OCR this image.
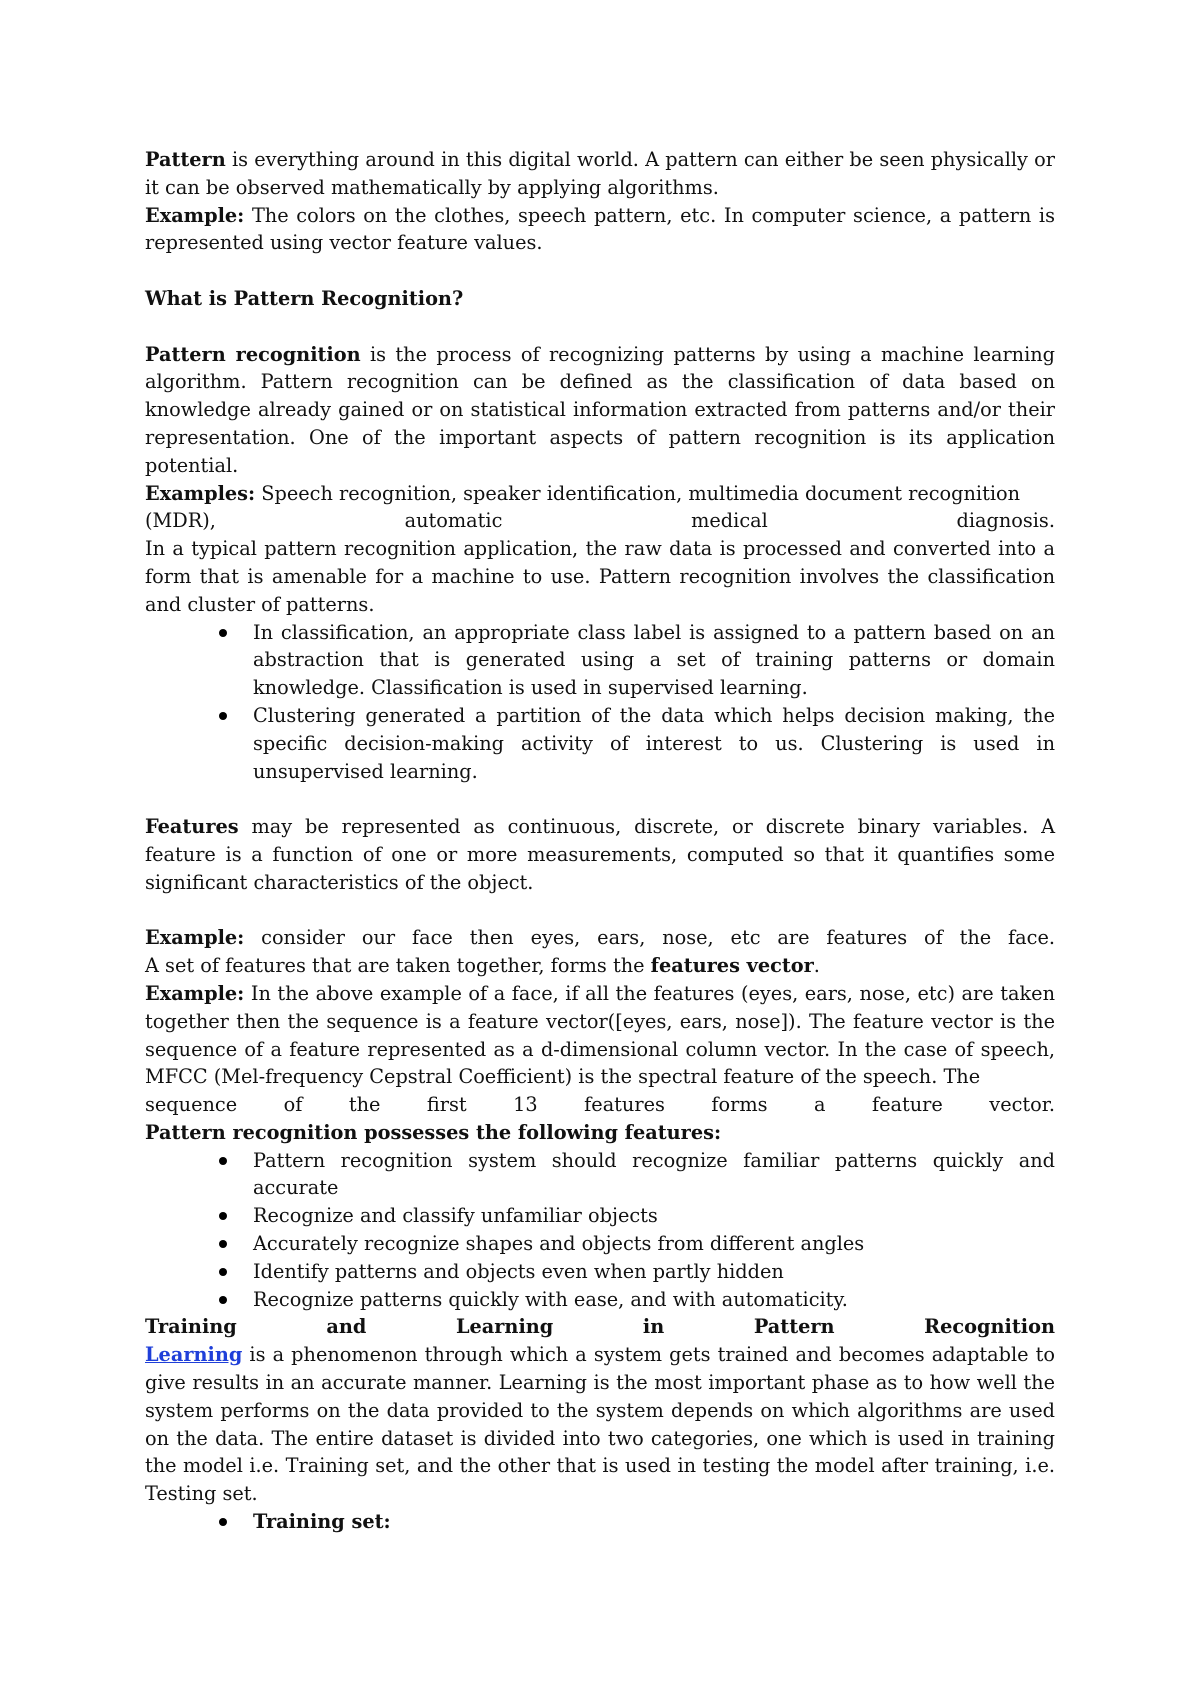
Pattern is everything around in this digital world. A pattern can either be seen physically or it can be observed mathematically by applying algorithms.

Example: The colors on the clothes, speech pattern, etc. In computer science, a pattern is represented using vector feature values.

What is Pattern Recognition?

Pattern recognition is the process of recognizing patterns by using a machine learning algorithm. Pattern recognition can be defined as the classification of data based on knowledge already gained or on statistical information extracted from patterns and/or their representation. One of the important aspects of pattern recognition is its application potential.

Examples: Speech recognition, speaker identification, multimedia document recognition

(MDR),	automatic	medical	diagnosis.

In a typical pattern recognition application, the raw data is processed and converted into a form that is amenable for a machine to use. Pattern recognition involves the classification and cluster of patterns.

In classification, an appropriate class label is assigned to a pattern based on an abstraction that is generated using a set of training patterns or domain knowledge. Classification is used in supervised learning.
Clustering generated a partition of the data which helps decision making, the specific decision-making activity of interest to us. Clustering is used in unsupervised learning.

Features may be represented as continuous, discrete, or discrete binary variables. A feature is a function of one or more measurements, computed so that it quantifies some significant characteristics of the object.

Example: consider our face then eyes, ears, nose, etc are features of the face.

A set of features that are taken together, forms the features vector.

Example: In the above example of a face, if all the features (eyes, ears, nose, etc) are taken together then the sequence is a feature vector([eyes, ears, nose]). The feature vector is the sequence of a feature represented as a d-dimensional column vector. In the case of speech, MFCC (Mel-frequency Cepstral Coefficient) is the spectral feature of the speech. The

sequence of the first 13 features forms a feature vector.

Pattern recognition possesses the following features:

Pattern recognition system should recognize familiar patterns quickly and accurate
Recognize and classify unfamiliar objects
Accurately recognize shapes and objects from different angles
Identify patterns and objects even when partly hidden
Recognize patterns quickly with ease, and with automaticity.
Training	and	Learning	in	Pattern	Recognition

Learning is a phenomenon through which a system gets trained and becomes adaptable to give results in an accurate manner. Learning is the most important phase as to how well the system performs on the data provided to the system depends on which algorithms are used on the data. The entire dataset is divided into two categories, one which is used in training the model i.e. Training set, and the other that is used in testing the model after training, i.e. Testing set.

Training set:
